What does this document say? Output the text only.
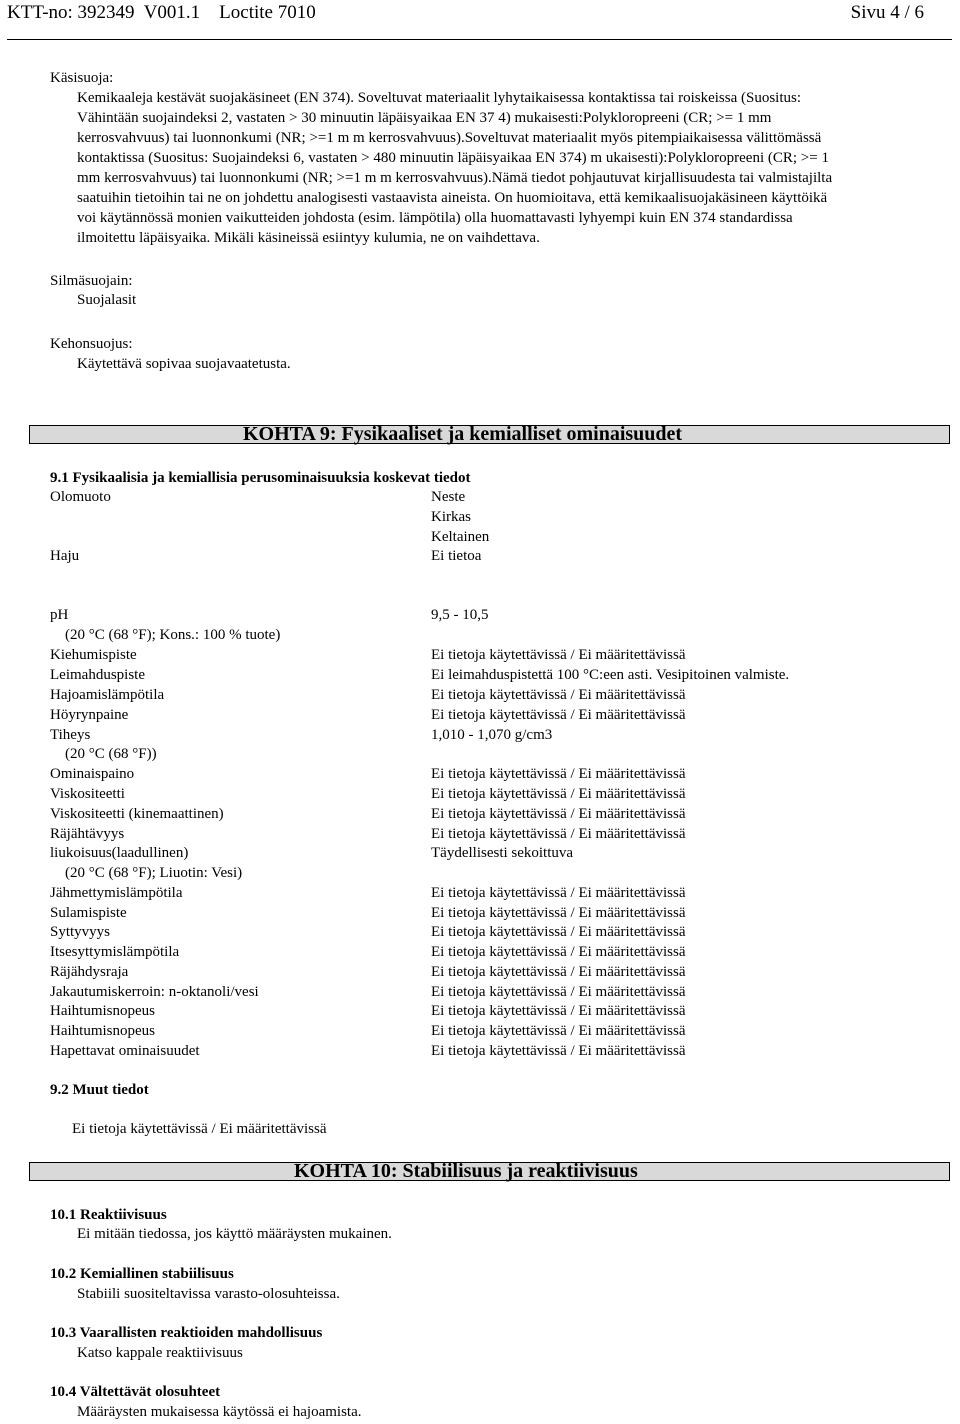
KTT-no: 392349  V001.1    Loctite 7010	Sivu 4 / 6
Käsisuoja:
Kemikaaleja kestävät suojakäsineet (EN 374). Soveltuvat materiaalit lyhytaikaisessa kontaktissa tai roiskeissa (Suositus:
Vähintään suojaindeksi 2, vastaten > 30 minuutin läpäisyaikaa EN 37 4) mukaisesti:Polykloropreeni (CR; >= 1 mm
kerrosvahvuus) tai luonnonkumi (NR; >=1 m m kerrosvahvuus).Soveltuvat materiaalit myös pitempiaikaisessa välittömässä
kontaktissa (Suositus: Suojaindeksi 6, vastaten > 480 minuutin läpäisyaikaa EN 374) m ukaisesti):Polykloropreeni (CR; >= 1
mm kerrosvahvuus) tai luonnonkumi (NR; >=1 m m kerrosvahvuus).Nämä tiedot pohjautuvat kirjallisuudesta tai valmistajilta
saatuihin tietoihin tai ne on johdettu analogisesti vastaavista aineista. On huomioitava, että kemikaalisuojakäsineen käyttöikä
voi käytännössä monien vaikutteiden johdosta (esim. lämpötila) olla huomattavasti lyhyempi kuin EN 374 standardissa
ilmoitettu läpäisyaika. Mikäli käsineissä esiintyy kulumia, ne on vaihdettava.
Silmäsuojain:
Suojalasit
Kehonsuojus:
Käytettävä sopivaa suojavaatetusta.
KOHTA 9: Fysikaaliset ja kemialliset ominaisuudet
9.1 Fysikaalisia ja kemiallisia perusominaisuuksia koskevat tiedot
Olomuoto	Neste
Kirkas
Keltainen
Haju	Ei tietoa
pH	9,5 - 10,5
(20 °C (68 °F); Kons.: 100 % tuote)
Kiehumispiste	Ei tietoja käytettävissä / Ei määritettävissä
Leimahduspiste	Ei leimahduspistettä 100 °C:een asti. Vesipitoinen valmiste.
Hajoamislämpötila	Ei tietoja käytettävissä / Ei määritettävissä
Höyrynpaine	Ei tietoja käytettävissä / Ei määritettävissä
Tiheys	1,010 - 1,070 g/cm3
(20 °C (68 °F))
Ominaispaino	Ei tietoja käytettävissä / Ei määritettävissä
Viskositeetti	Ei tietoja käytettävissä / Ei määritettävissä
Viskositeetti (kinemaattinen)	Ei tietoja käytettävissä / Ei määritettävissä
Räjähtävyys	Ei tietoja käytettävissä / Ei määritettävissä
liukoisuus(laadullinen)	Täydellisesti sekoittuva
(20 °C (68 °F); Liuotin: Vesi)
Jähmettymislämpötila	Ei tietoja käytettävissä / Ei määritettävissä
Sulamispiste	Ei tietoja käytettävissä / Ei määritettävissä
Syttyvyys	Ei tietoja käytettävissä / Ei määritettävissä
Itsesyttymislämpötila	Ei tietoja käytettävissä / Ei määritettävissä
Räjähdysraja	Ei tietoja käytettävissä / Ei määritettävissä
Jakautumiskerroin: n-oktanoli/vesi	Ei tietoja käytettävissä / Ei määritettävissä
Haihtumisnopeus	Ei tietoja käytettävissä / Ei määritettävissä
Haihtumisnopeus	Ei tietoja käytettävissä / Ei määritettävissä
Hapettavat ominaisuudet	Ei tietoja käytettävissä / Ei määritettävissä
9.2 Muut tiedot
Ei tietoja käytettävissä / Ei määritettävissä
KOHTA 10: Stabiilisuus ja reaktiivisuus
10.1 Reaktiivisuus
Ei mitään tiedossa, jos käyttö määräysten mukainen.
10.2 Kemiallinen stabiilisuus
Stabiili suositeltavissa varasto-olosuhteissa.
10.3 Vaarallisten reaktioiden mahdollisuus
Katso kappale reaktiivisuus
10.4 Vältettävät olosuhteet
Määräysten mukaisessa käytössä ei hajoamista.
